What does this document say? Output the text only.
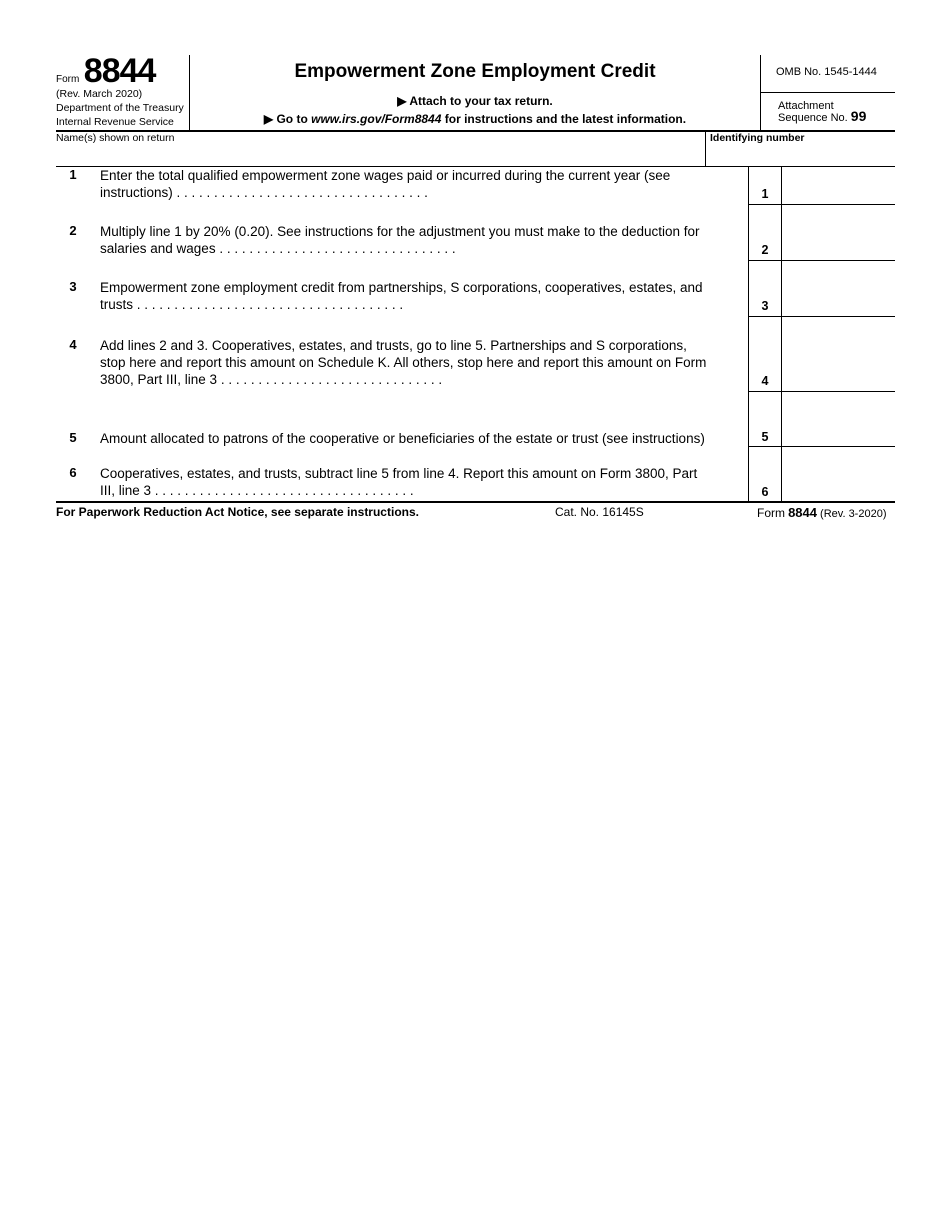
Form 8844
(Rev. March 2020)
Department of the Treasury
Internal Revenue Service
Empowerment Zone Employment Credit
▶ Attach to your tax return.
▶ Go to www.irs.gov/Form8844 for instructions and the latest information.
OMB No. 1545-1444
Attachment
Sequence No. 99
Name(s) shown on return	Identifying number
1	Enter the total qualified empowerment zone wages paid or incurred during the current year (see
instructions) . . . . . . . . . . . . . . . . . . . . . . . . . . . . . . . . . .	1
2	Multiply line 1 by 20% (0.20). See instructions for the adjustment you must make to the deduction for
salaries and wages . . . . . . . . . . . . . . . . . . . . . . . . . . . . . . . .	2
3	Empowerment zone employment credit from partnerships, S corporations, cooperatives, estates, and
trusts . . . . . . . . . . . . . . . . . . . . . . . . . . . . . . . . . . . .	3
4	Add lines 2 and 3. Cooperatives, estates, and trusts, go to line 5. Partnerships and S corporations,
stop here and report this amount on Schedule K. All others, stop here and report this amount on Form
3800, Part III, line 3 . . . . . . . . . . . . . . . . . . . . . . . . . . . . . .	4
5	Amount allocated to patrons of the cooperative or beneficiaries of the estate or trust (see instructions)	5
6	Cooperatives, estates, and trusts, subtract line 5 from line 4. Report this amount on Form 3800, Part
III, line 3 . . . . . . . . . . . . . . . . . . . . . . . . . . . . . . . . . . .	6
For Paperwork Reduction Act Notice, see separate instructions.	Cat. No. 16145S	Form 8844 (Rev. 3-2020)
